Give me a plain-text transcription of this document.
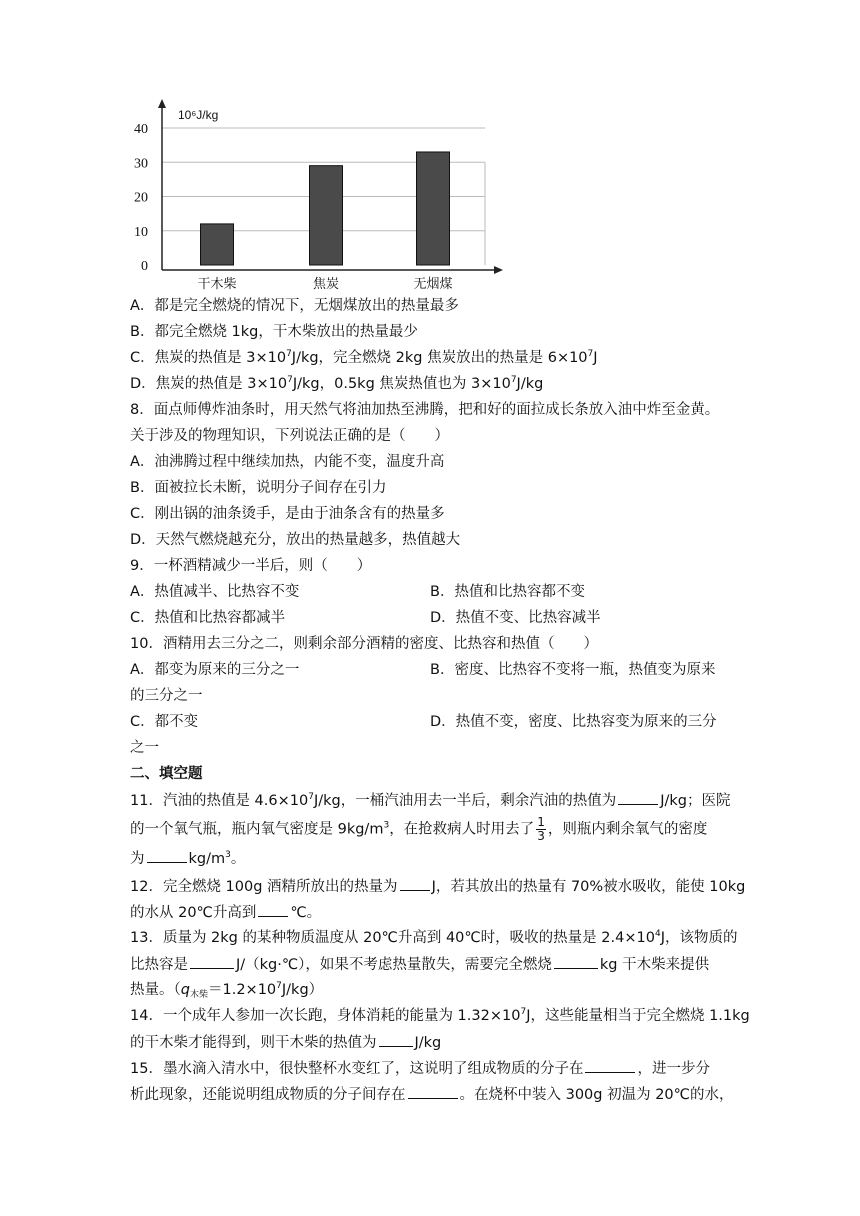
40
30
20
10
0
干木柴	焦炭	无烟煤
10⁶J/kg
A．都是完全燃烧的情况下，无烟煤放出的热量最多
B．都完全燃烧 1kg，干木柴放出的热量最少
C．焦炭的热值是 $3\times 10^7J/kg$，完全燃烧 2kg 焦炭放出的热量是 $6\times 10^7J$
D．焦炭的热值是 $3\times 10^7J/kg$，0.5kg 焦炭热值也为 $3\times 10^7J/kg$
8．面点师傅炸油条时，用天然气将油加热至沸腾，把和好的面拉成长条放入油中炸至金黄。
关于涉及的物理知识，下列说法正确的是（　　）
A．油沸腾过程中继续加热，内能不变，温度升高
B．面被拉长未断，说明分子间存在引力
C．刚出锅的油条烫手，是由于油条含有的热量多
D．天然气燃烧越充分，放出的热量越多，热值越大
9．一杯酒精减少一半后，则（　　）
A．热值减半、比热容不变	B．热值和比热容都不变
C．热值和比热容都减半	D．热值不变、比热容减半
10．酒精用去三分之二，则剩余部分酒精的密度、比热容和热值（　　）
A．都变为原来的三分之一	B．密度、比热容不变将一瓶，热值变为原来
的三分之一
C．都不变	D．热值不变，密度、比热容变为原来的三分
之一
二、填空题
11．汽油的热值是 $4.6\times 10^7J/kg$，一桶汽油用去一半后，剩余汽油的热值为	J/kg；医院
的一个氧气瓶，瓶内氧气密度是 $9kg/m^3$，在抢救病人时用去了 $\frac{1}{3}$ ，则瓶内剩余氧气的密度
为	$kg/m^3$。
12．完全燃烧 100g 酒精所放出的热量为 J，若其放出的热量有 70%被水吸收，能使 10kg
的水从 20℃升高到 ℃。
13．质量为 2kg 的某种物质温度从 20℃升高到 40℃时，吸收的热量是 $2.4\times 10^4J$，该物质的
比热容是	J/（kg·℃），如果不考虑热量散失，需要完全燃烧	kg 干木柴来提供
热量。$(q_{木柴}=1.2\times 10^7J/kg)$
14．一个成年人参加一次长跑，身体消耗的能量为 $1.32\times 10^7J$，这些能量相当于完全燃烧 1.1kg
的干木柴才能得到，则干木柴的热值为	J/kg
15．墨水滴入清水中，很快整杯水变红了，这说明了组成物质的分子在	，进一步分
析此现象，还能说明组成物质的分子间存在	。在烧杯中装入 300g 初温为 20℃的水，
